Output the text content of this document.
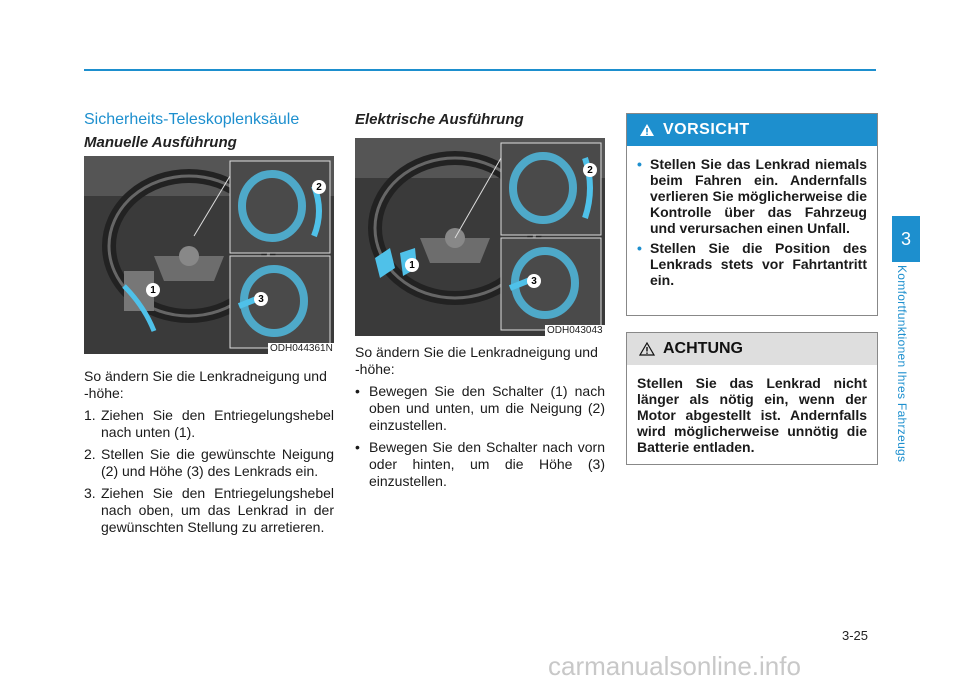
Sicherheits-Teleskoplenksäule
Manuelle Ausführung
1
2
3
ODH044361N

So ändern Sie die Lenkradneigung und -höhe:

1. Ziehen Sie den Entriegelungshebel nach unten (1).
2. Stellen Sie die gewünschte Neigung (2) und Höhe (3) des Lenkrads ein.
3. Ziehen Sie den Entriegelungshebel nach oben, um das Lenkrad in der gewünschten Stellung zu arretieren.
Elektrische Ausführung
1
2
3
ODH043043

So ändern Sie die Lenkradneigung und -höhe:

• Bewegen Sie den Schalter (1) nach oben und unten, um die Neigung (2) einzustellen.
• Bewegen Sie den Schalter nach vorn oder hinten, um die Höhe (3) einzustellen.
VORSICHT
• Stellen Sie das Lenkrad niemals beim Fahren ein. Andernfalls verlieren Sie möglicherweise die Kontrolle über das Fahrzeug und verursachen einen Unfall.
• Stellen Sie die Position des Lenkrads stets vor Fahrtantritt ein.
ACHTUNG
Stellen Sie das Lenkrad nicht länger als nötig ein, wenn der Motor abgestellt ist. Andernfalls wird möglicherweise unnötig die Batterie entladen.
3
Komfortfunktionen Ihres Fahrzeugs
3-25
carmanualsonline.info
